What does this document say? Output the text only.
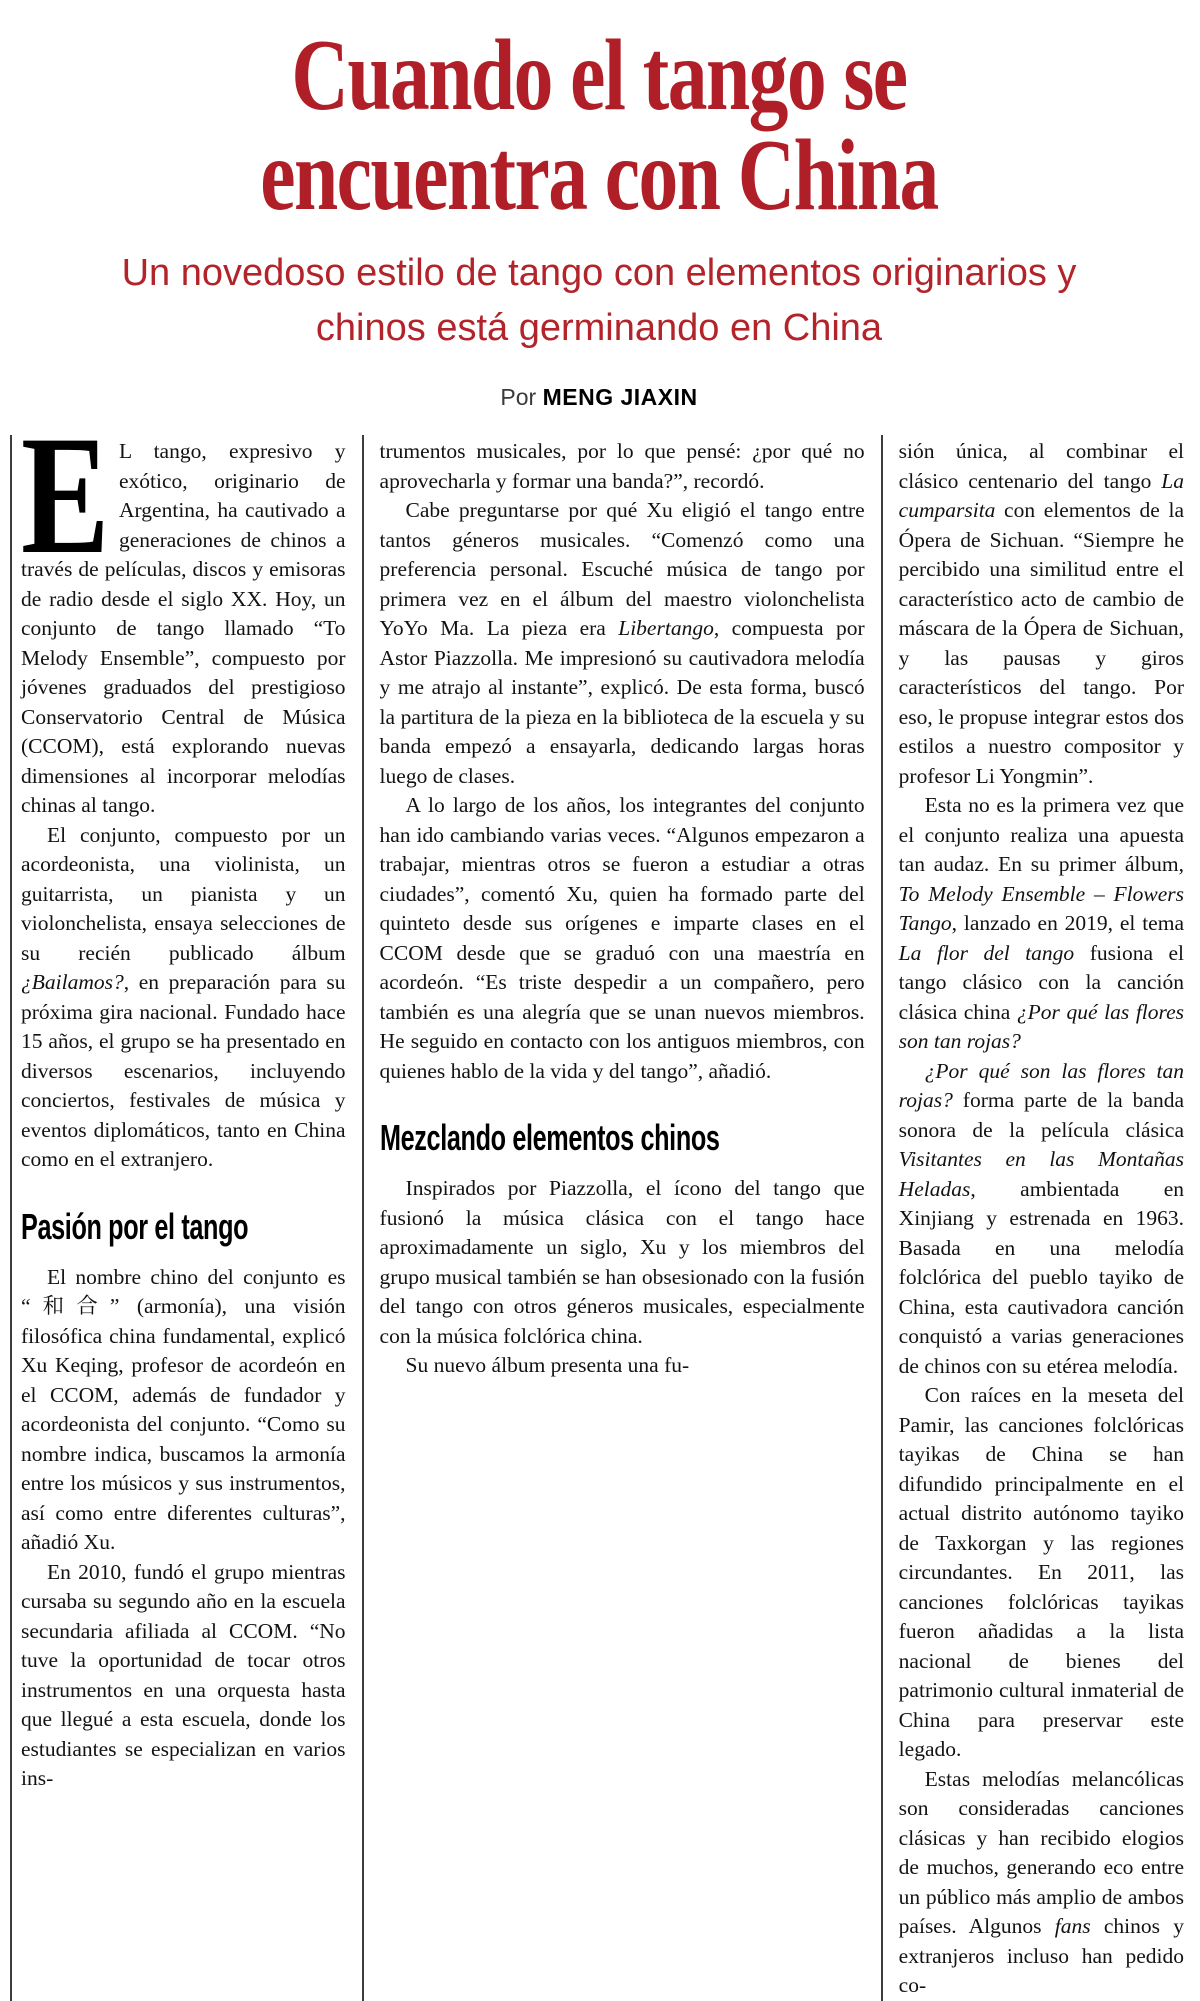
Cuando el tango se
encuentra con China
Un novedoso estilo de tango con elementos originarios y chinos está germinando en China
Por MENG JIAXIN

E L tango, expresivo y exótico, originario de Argentina, ha cautivado a generaciones de chinos a través de películas, discos y emisoras de radio desde el siglo XX. Hoy, un conjunto de tango llamado “To Melody Ensemble”, compuesto por jóvenes graduados del prestigioso Conservatorio Central de Música (CCOM), está explorando nuevas dimensiones al incorporar melodías chinas al tango.

El conjunto, compuesto por un acordeonista, una violinista, un guitarrista, un pianista y un violonchelista, ensaya selecciones de su recién publicado álbum ¿Bailamos?, en preparación para su próxima gira nacional. Fundado hace 15 años, el grupo se ha presentado en diversos escenarios, incluyendo conciertos, festivales de música y eventos diplomáticos, tanto en China como en el extranjero.

Pasión por el tango

El nombre chino del conjunto es “和合” (armonía), una visión filosófica china fundamental, explicó Xu Keqing, profesor de acordeón en el CCOM, además de fundador y acordeonista del conjunto. “Como su nombre indica, buscamos la armonía entre los músicos y sus instrumentos, así como entre diferentes culturas”, añadió Xu.

En 2010, fundó el grupo mientras cursaba su segundo año en la escuela secundaria afiliada al CCOM. “No tuve la oportunidad de tocar otros instrumentos en una orquesta hasta que llegué a esta escuela, donde los estudiantes se especializan en varios ins-

trumentos musicales, por lo que pensé: ¿por qué no aprovecharla y formar una banda?”, recordó.

Cabe preguntarse por qué Xu eligió el tango entre tantos géneros musicales. “Comenzó como una preferencia personal. Escuché música de tango por primera vez en el álbum del maestro violonchelista YoYo Ma. La pieza era Libertango, compuesta por Astor Piazzolla. Me impresionó su cautivadora melodía y me atrajo al instante”, explicó. De esta forma, buscó la partitura de la pieza en la biblioteca de la escuela y su banda empezó a ensayarla, dedicando largas horas luego de clases.

A lo largo de los años, los integrantes del conjunto han ido cambiando varias veces. “Algunos empezaron a trabajar, mientras otros se fueron a estudiar a otras ciudades”, comentó Xu, quien ha formado parte del quinteto desde sus orígenes e imparte clases en el CCOM desde que se graduó con una maestría en acordeón. “Es triste despedir a un compañero, pero también es una alegría que se unan nuevos miembros. He seguido en contacto con los antiguos miembros, con quienes hablo de la vida y del tango”, añadió.

Mezclando elementos chinos

Inspirados por Piazzolla, el ícono del tango que fusionó la música clásica con el tango hace aproximadamente un siglo, Xu y los miembros del grupo musical también se han obsesionado con la fusión del tango con otros géneros musicales, especialmente con la música folclórica china.

Su nuevo álbum presenta una fu-

sión única, al combinar el clásico centenario del tango La cumparsita con elementos de la Ópera de Sichuan. “Siempre he percibido una similitud entre el característico acto de cambio de máscara de la Ópera de Sichuan, y las pausas y giros característicos del tango. Por eso, le propuse integrar estos dos estilos a nuestro compositor y profesor Li Yongmin”.

Esta no es la primera vez que el conjunto realiza una apuesta tan audaz. En su primer álbum, To Melody Ensemble – Flowers Tango, lanzado en 2019, el tema La flor del tango fusiona el tango clásico con la canción clásica china ¿Por qué las flores son tan rojas?

¿Por qué son las flores tan rojas? forma parte de la banda sonora de la película clásica Visitantes en las Montañas Heladas, ambientada en Xinjiang y estrenada en 1963. Basada en una melodía folclórica del pueblo tayiko de China, esta cautivadora canción conquistó a varias generaciones de chinos con su etérea melodía.

Con raíces en la meseta del Pamir, las canciones folclóricas tayikas de China se han difundido principalmente en el actual distrito autónomo tayiko de Taxkorgan y las regiones circundantes. En 2011, las canciones folclóricas tayikas fueron añadidas a la lista nacional de bienes del patrimonio cultural inmaterial de China para preservar este legado.

Estas melodías melancólicas son consideradas canciones clásicas y han recibido elogios de muchos, generando eco entre un público más amplio de ambos países. Algunos fans chinos y extranjeros incluso han pedido co-
